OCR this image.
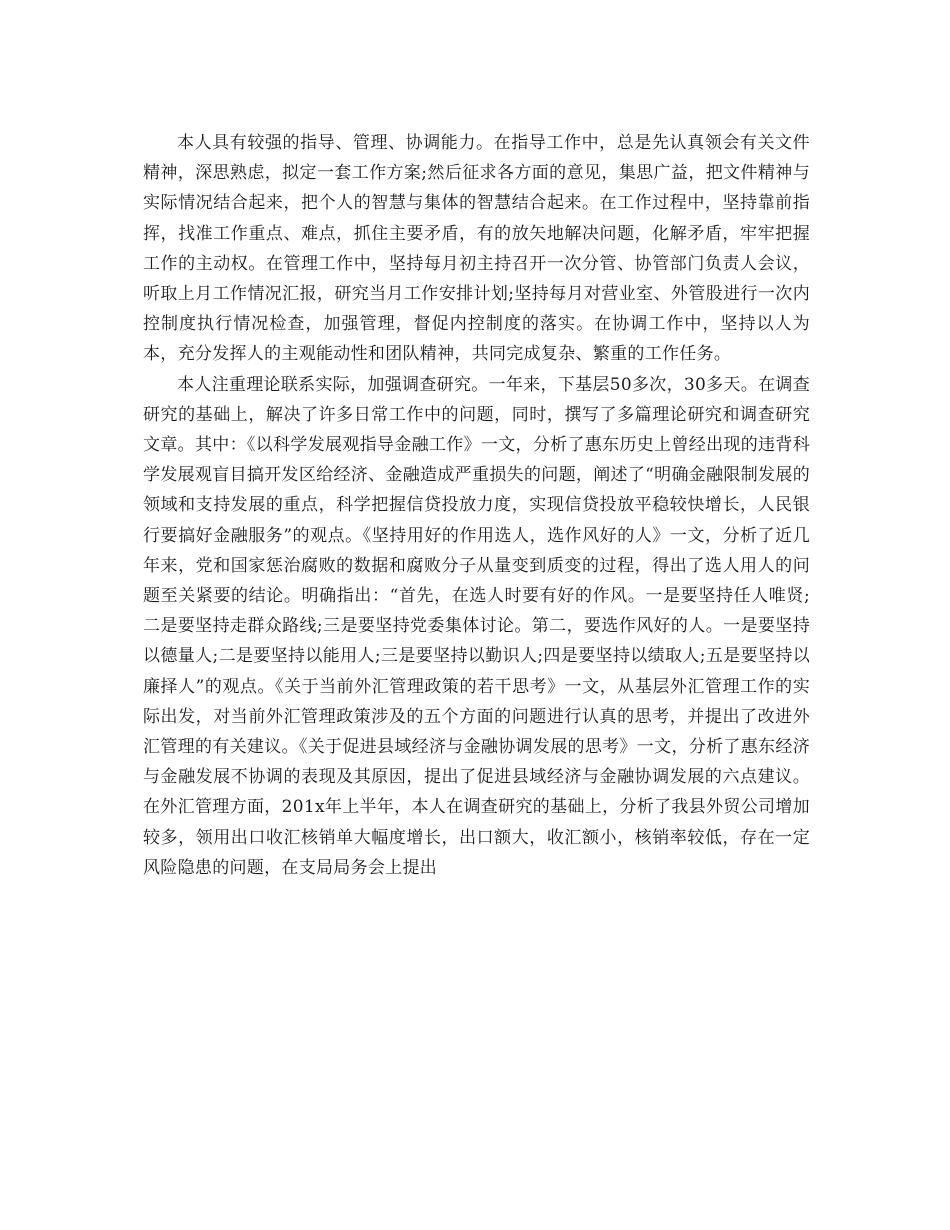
本人具有较强的指导、管理、协调能力。在指导工作中，总是先认真领会有关文件精神，深思熟虑，拟定一套工作方案;然后征求各方面的意见，集思广益，把文件精神与实际情况结合起来，把个人的智慧与集体的智慧结合起来。在工作过程中，坚持靠前指挥，找准工作重点、难点，抓住主要矛盾，有的放矢地解决问题，化解矛盾，牢牢把握工作的主动权。在管理工作中，坚持每月初主持召开一次分管、协管部门负责人会议，听取上月工作情况汇报，研究当月工作安排计划;坚持每月对营业室、外管股进行一次内控制度执行情况检查，加强管理，督促内控制度的落实。在协调工作中，坚持以人为本，充分发挥人的主观能动性和团队精神，共同完成复杂、繁重的工作任务。

本人注重理论联系实际，加强调查研究。一年来，下基层50多次，30多天。在调查研究的基础上，解决了许多日常工作中的问题，同时，撰写了多篇理论研究和调查研究文章。其中：《以科学发展观指导金融工作》一文，分析了惠东历史上曾经出现的违背科学发展观盲目搞开发区给经济、金融造成严重损失的问题，阐述了“明确金融限制发展的领域和支持发展的重点，科学把握信贷投放力度，实现信贷投放平稳较快增长，人民银行要搞好金融服务”的观点。《坚持用好的作用选人，选作风好的人》一文，分析了近几年来，党和国家惩治腐败的数据和腐败分子从量变到质变的过程，得出了选人用人的问题至关紧要的结论。明确指出：“首先，在选人时要有好的作风。一是要坚持任人唯贤;二是要坚持走群众路线;三是要坚持党委集体讨论。第二，要选作风好的人。一是要坚持以德量人;二是要坚持以能用人;三是要坚持以勤识人;四是要坚持以绩取人;五是要坚持以廉择人”的观点。《关于当前外汇管理政策的若干思考》一文，从基层外汇管理工作的实际出发，对当前外汇管理政策涉及的五个方面的问题进行认真的思考，并提出了改进外汇管理的有关建议。《关于促进县域经济与金融协调发展的思考》一文，分析了惠东经济与金融发展不协调的表现及其原因，提出了促进县域经济与金融协调发展的六点建议。在外汇管理方面，201x年上半年，本人在调查研究的基础上，分析了我县外贸公司增加较多，领用出口收汇核销单大幅度增长，出口额大，收汇额小，核销率较低，存在一定风险隐患的问题，在支局局务会上提出
